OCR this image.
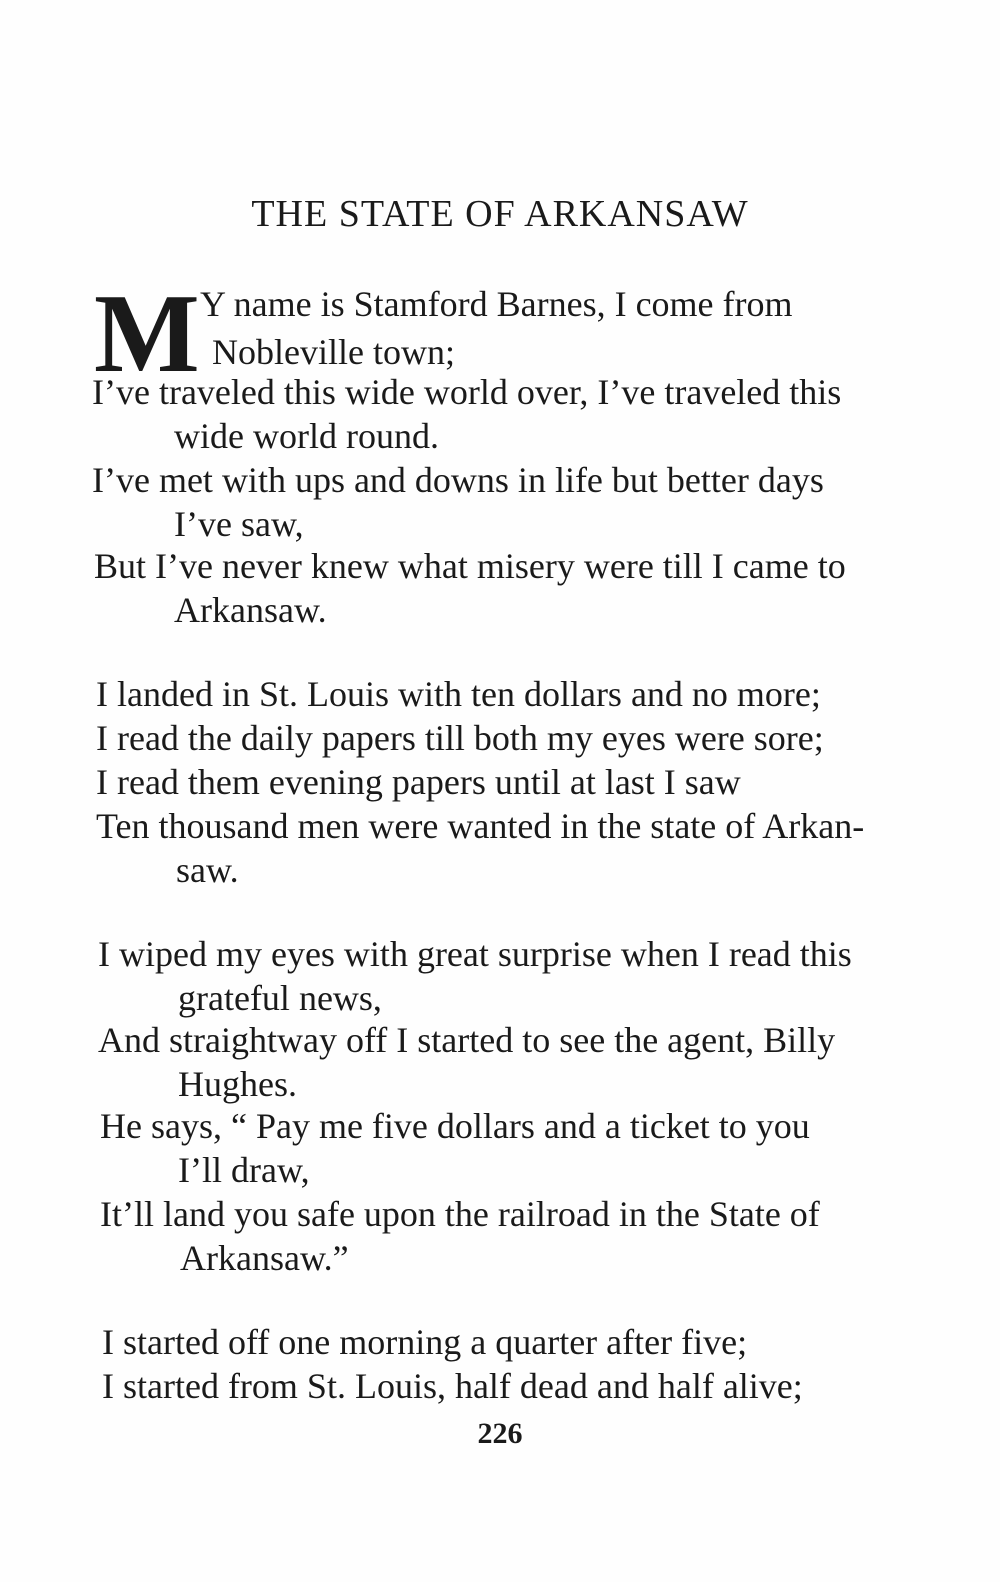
THE STATE OF ARKANSAW
M Y name is Stamford Barnes, I come from
Nobleville town;
I’ve traveled this wide world over, I’ve traveled this
wide world round.
I’ve met with ups and downs in life but better days
I’ve saw,
But I’ve never knew what misery were till I came to
Arkansaw.
I landed in St. Louis with ten dollars and no more;
I read the daily papers till both my eyes were sore;
I read them evening papers until at last I saw
Ten thousand men were wanted in the state of Arkan-
saw.
I wiped my eyes with great surprise when I read this
grateful news,
And straightway off I started to see the agent, Billy
Hughes.
He says, “ Pay me five dollars and a ticket to you
I’ll draw,
It’ll land you safe upon the railroad in the State of
Arkansaw.”
I started off one morning a quarter after five;
I started from St. Louis, half dead and half alive;
226
